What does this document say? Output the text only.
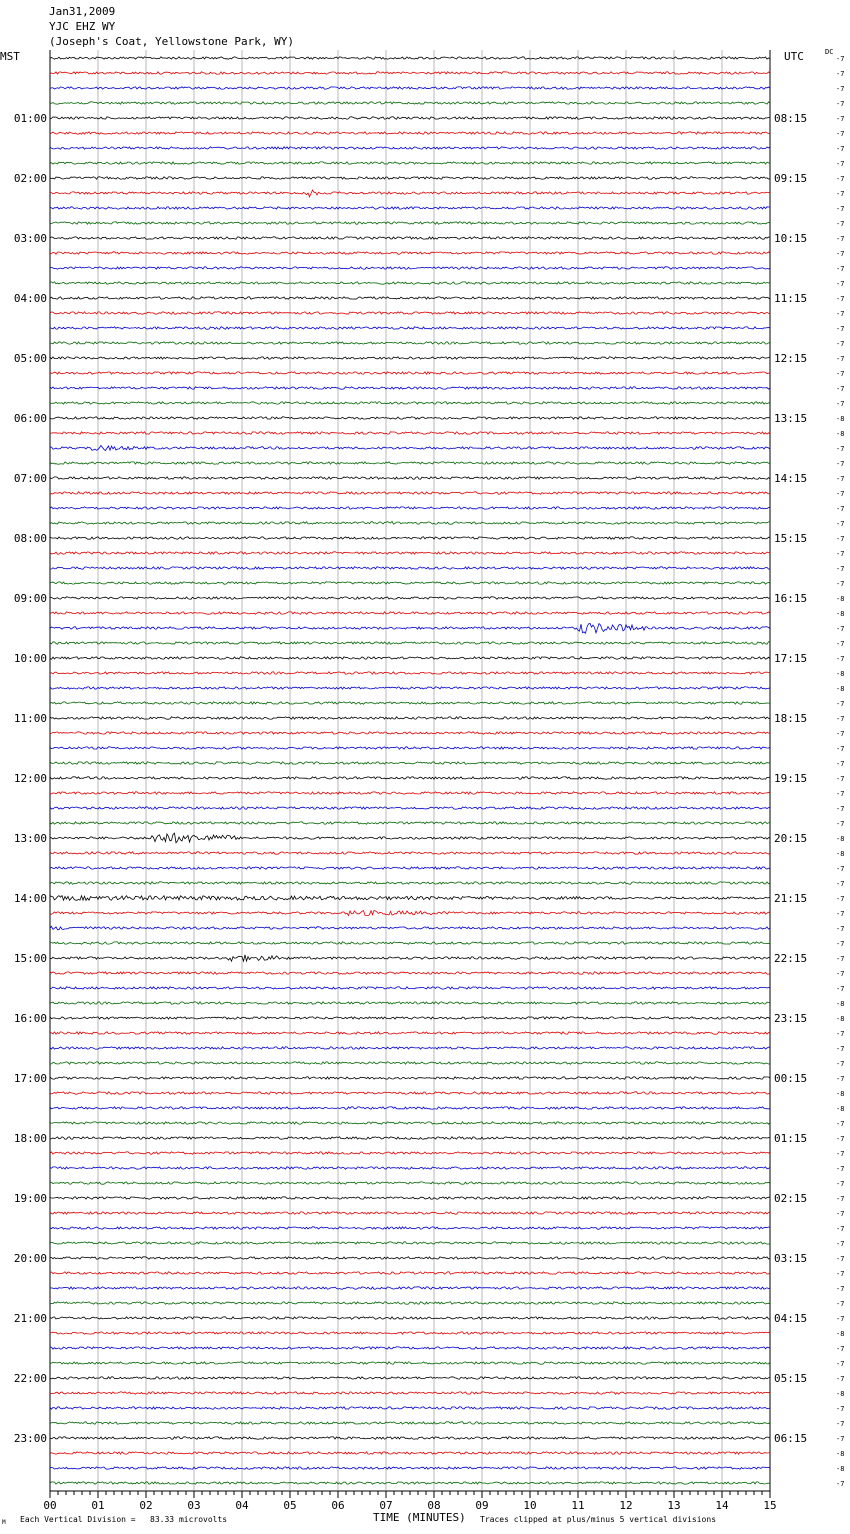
Jan31,2009
YJC EHZ WY
(Joseph's Coat, Yellowstone Park, WY)
MST	UTC	DC
-7
-7
-7
-7
-7
-7
-7
-7
-7
-7
-7
-7
-7
-7
-7
-7
-7
-7
-7
-7
-7
-7
-7
-7
-8
-8
-7
-7
-7
-7
-7
-7
-7
-7
-7
-7
-8
-8
-7
-7
-7
-8
-8
-7
-7
-7
-7
-7
-7
-7
-7
-7
-8
-8
-7
-7
-7
-7
-7
-7
-7
-7
-7
-8
-8
-7
-7
-7
-7
-8
-8
-7
-7
-7
-7
-7
-7
-7
-7
-7
-7
-7
-7
-7
-7
-8
-7
-7
-7
-8
-7
-7
-7
-8
-8
-7
01:00	08:15
02:00	09:15
03:00	10:15
04:00	11:15
05:00	12:15
06:00	13:15
07:00	14:15
08:00	15:15
09:00	16:15
10:00	17:15
11:00	18:15
12:00	19:15
13:00	20:15
14:00	21:15
15:00	22:15
16:00	23:15
17:00	00:15
18:00	01:15
19:00	02:15
20:00	03:15
21:00	04:15
22:00	05:15
23:00	06:15
00	01	02	03	04	05	06	07	08	09	10	11	12	13	14	15
TIME (MINUTES)
Each Vertical Division =   83.33 microvolts	Traces clipped at plus/minus 5 vertical divisions
M
